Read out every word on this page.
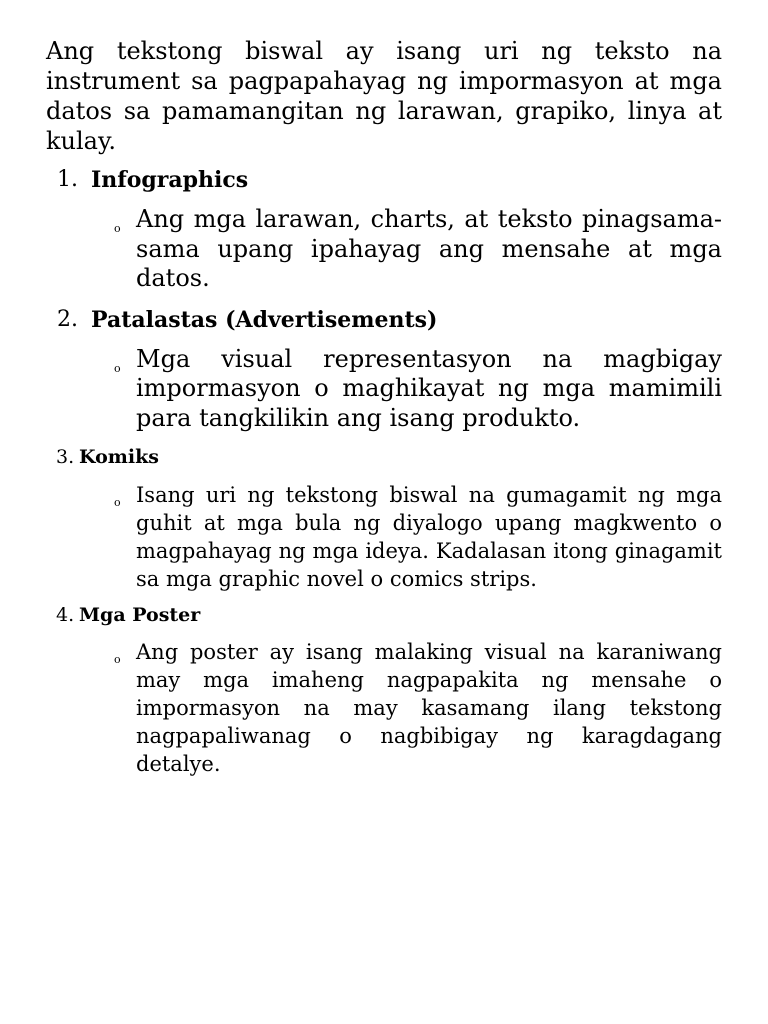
Ang tekstong biswal ay isang uri ng teksto na instrument sa pagpapahayag ng impormasyon at mga datos sa pamamangitan ng larawan, grapiko, linya at kulay.

1. Infographics

o Ang mga larawan, charts, at teksto pinagsama-sama upang ipahayag ang mensahe at mga datos.

2. Patalastas (Advertisements)

o Mga visual representasyon na magbigay impormasyon o maghikayat ng mga mamimili para tangkilikin ang isang produkto.

3. Komiks

o Isang uri ng tekstong biswal na gumagamit ng mga guhit at mga bula ng diyalogo upang magkwento o magpahayag ng mga ideya. Kadalasan itong ginagamit sa mga graphic novel o comics strips.

4. Mga Poster

o Ang poster ay isang malaking visual na karaniwang may mga imaheng nagpapakita ng mensahe o impormasyon na may kasamang ilang tekstong nagpapaliwanag o nagbibigay ng karagdagang detalye.
